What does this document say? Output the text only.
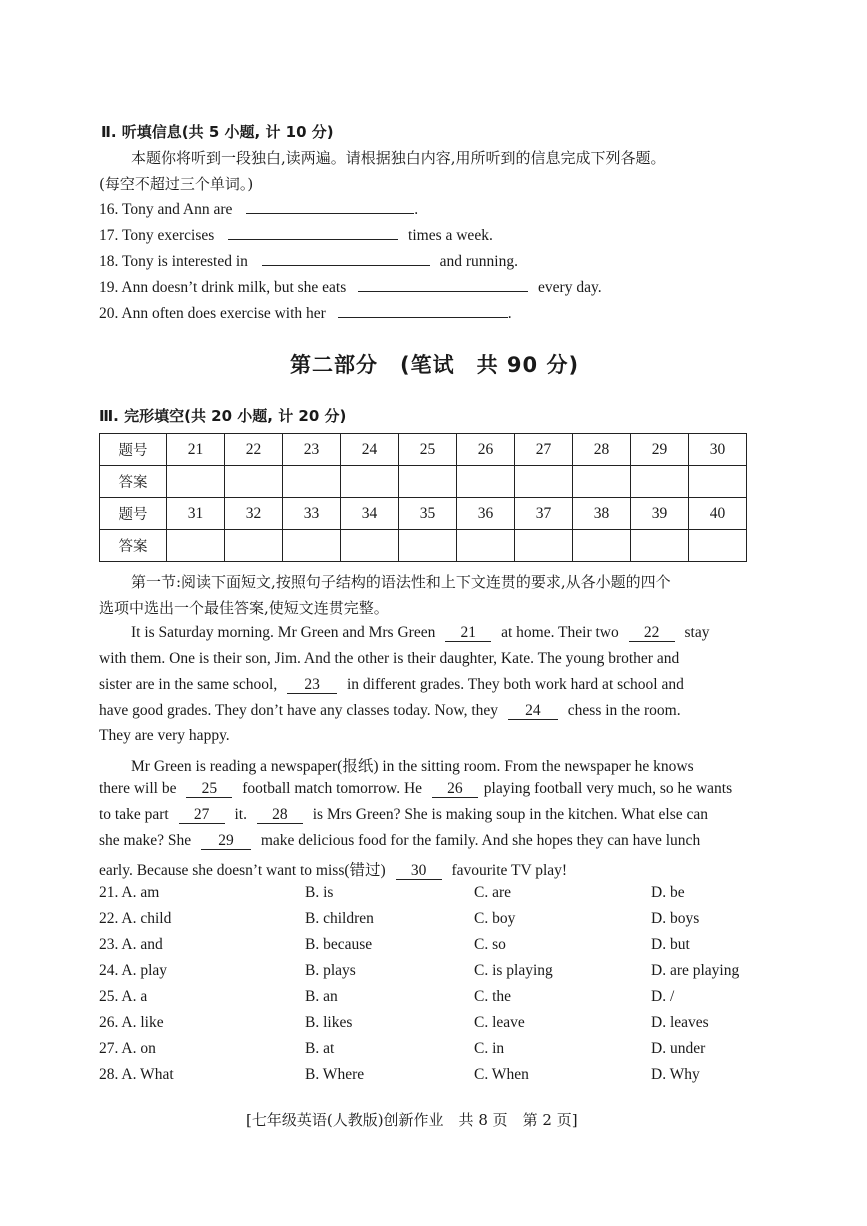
Ⅱ. 听填信息(共 5 小题, 计 10 分)
本题你将听到一段独白,读两遍。请根据独白内容,用所听到的信息完成下列各题。
(每空不超过三个单词。)
16. Tony and Ann are	.
17. Tony exercises	times a week.
18. Tony is interested in	and running.
19. Ann doesn’t drink milk, but she eats	every day.
20. Ann often does exercise with her	.
第二部分　(笔试　共 90 分)
Ⅲ. 完形填空(共 20 小题, 计 20 分)
题号	21	22	23	24	25	26	27	28	29	30
答案										
题号	31	32	33	34	35	36	37	38	39	40
答案										
第一节:阅读下面短文,按照句子结构的语法性和上下文连贯的要求,从各小题的四个
选项中选出一个最佳答案,使短文连贯完整。
It is Saturday morning. Mr Green and Mrs Green 21 at home. Their two 22 stay
with them. One is their son, Jim. And the other is their daughter, Kate. The young brother and
sister are in the same school, 23 in different grades. They both work hard at school and
have good grades. They don’t have any classes today. Now, they 24 chess in the room.
They are very happy.
Mr Green is reading a newspaper(报纸) in the sitting room. From the newspaper he knows
there will be 25 football match tomorrow. He 26 playing football very much, so he wants
to take part 27 it. 28 is Mrs Green? She is making soup in the kitchen. What else can
she make? She 29 make delicious food for the family. And she hopes they can have lunch
early. Because she doesn’t want to miss(错过) 30 favourite TV play!
21. A. am	B. is	C. are	D. be
22. A. child	B. children	C. boy	D. boys
23. A. and	B. because	C. so	D. but
24. A. play	B. plays	C. is playing	D. are playing
25. A. a	B. an	C. the	D. /
26. A. like	B. likes	C. leave	D. leaves
27. A. on	B. at	C. in	D. under
28. A. What	B. Where	C. When	D. Why
[七年级英语(人教版)创新作业　共 8 页　第 2 页]
